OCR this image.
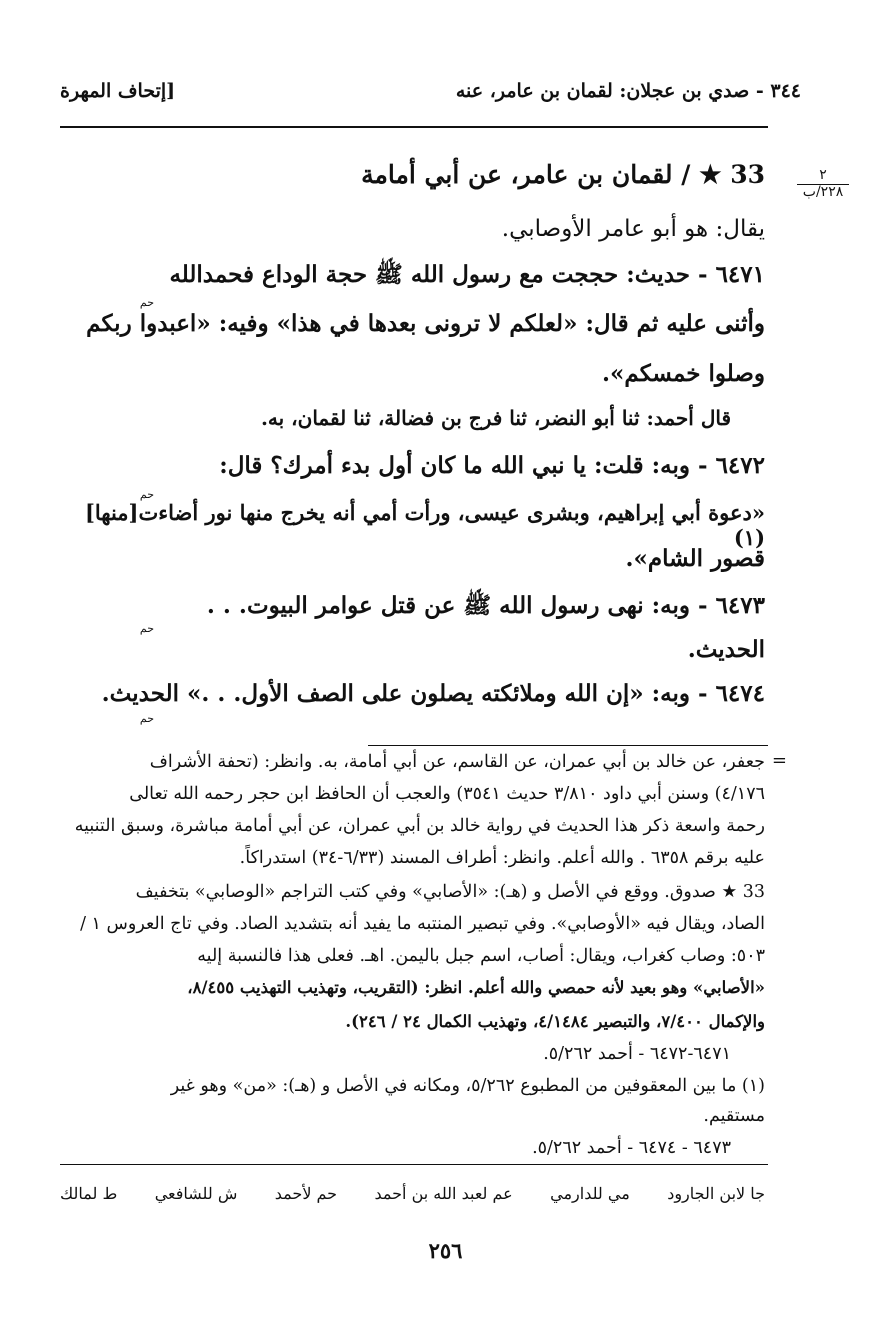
٣٤٤ - صدي بن عجلان: لقمان بن عامر، عنه
[إتحاف المهرة
٢
٢٢٨/ب
33 ★ / لقمان بن عامر، عن أبي أمامة
يقال: هو أبو عامر الأوصابي.
٦٤٧١ - حديث: حججت مع رسول الله ﷺ حجة الوداع فحمدالله
حم
وأثنى عليه ثم قال: «لعلكم لا ترونى بعدها في هذا» وفيه: «اعبدوا ربكم
وصلوا خمسكم».
قال أحمد: ثنا أبو النضر، ثنا فرج بن فضالة، ثنا لقمان، به.
٦٤٧٢ - وبه: قلت: يا نبي الله ما كان أول بدء أمرك؟ قال:
حم
«دعوة أبي إبراهيم، وبشرى عيسى، ورأت أمي أنه يخرج منها نور أضاءت[منها](١)
قصور الشام».
٦٤٧٣ - وبه: نهى رسول الله ﷺ عن قتل عوامر البيوت. . .
حم
الحديث.
٦٤٧٤ - وبه: «إن الله وملائكته يصلون على الصف الأول. . .» الحديث.
حم
=
جعفر، عن خالد بن أبي عمران، عن القاسم، عن أبي أمامة، به. وانظر: (تحفة الأشراف
٤/١٧٦) وسنن أبي داود ٣/٨١٠ حديث ٣٥٤١) والعجب أن الحافظ ابن حجر رحمه الله تعالى
رحمة واسعة ذكر هذا الحديث في رواية خالد بن أبي عمران، عن أبي أمامة مباشرة، وسبق التنبيه
عليه برقم ٦٣٥٨ . والله أعلم. وانظر: أطراف المسند (٦/٣٣-٣٤) استدراكاً.
33 ★ صدوق. ووقع في الأصل و (هـ): «الأصابي» وفي كتب التراجم «الوصابي» بتخفيف
الصاد، ويقال فيه «الأوصابي». وفي تبصير المنتبه ما يفيد أنه بتشديد الصاد. وفي تاج العروس ١ /
٥٠٣: وصاب كغراب، ويقال: أصاب، اسم جبل باليمن. اهـ. فعلى هذا فالنسبة إليه
«الأصابي» وهو بعيد لأنه حمصي والله أعلم. انظر: (التقريب، وتهذيب التهذيب ٨/٤٥٥،
والإكمال ٧/٤٠٠، والتبصير ٤/١٤٨٤، وتهذيب الكمال ٢٤ / ٢٤٦).
٦٤٧١-٦٤٧٢ - أحمد ٥/٢٦٢.
(١) ما بين المعقوفين من المطبوع ٥/٢٦٢، ومكانه في الأصل و (هـ): «من» وهو غير
مستقيم.
٦٤٧٣ - ٦٤٧٤ - أحمد ٥/٢٦٢.
ط لمالك ش للشافعي حم لأحمد عم لعبد الله بن أحمد مي للدارمي جا لابن الجارود
٢٥٦
